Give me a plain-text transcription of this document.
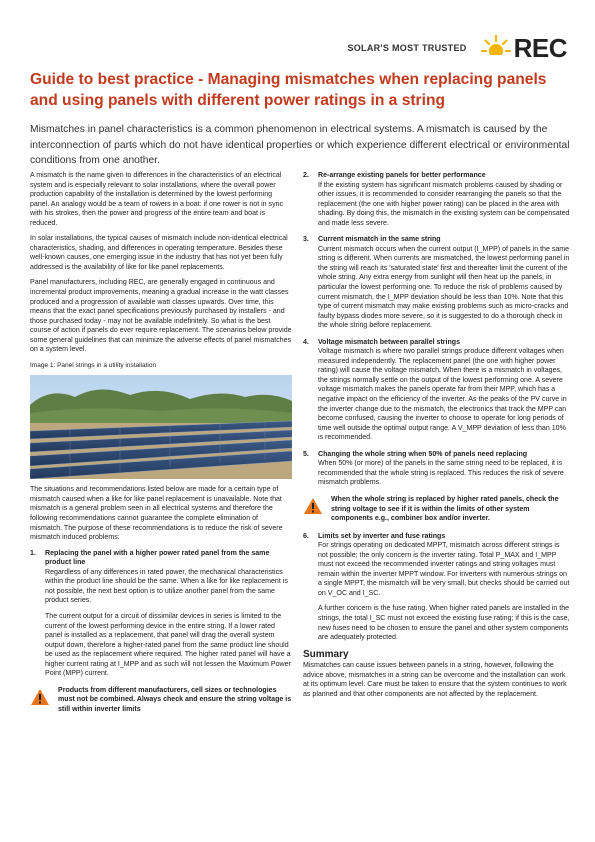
SOLAR'S MOST TRUSTED REC
Guide to best practice - Managing mismatches when replacing panels and using panels with different power ratings in a string

Mismatches in panel characteristics is a common phenomenon in electrical systems. A mismatch is caused by the interconnection of parts which do not have identical properties or which experience different electrical or environmental conditions from one another.

A mismatch is the name given to differences in the characteristics of an electrical system and is especially relevant to solar installations, where the overall power production capability of the installation is determined by the lowest performing panel. An analogy would be a team of rowers in a boat: if one rower is not in sync with his strokes, then the power and progress of the entire team and boat is reduced.

In solar installations, the typical causes of mismatch include non-identical electrical characteristics, shading, and differences in operating temperature. Besides these well-known causes, one emerging issue in the industry that has not yet been fully addressed is the availability of like for like panel replacements.

Panel manufacturers, including REC, are generally engaged in continuous and incremental product improvements, meaning a gradual increase in the watt classes produced and a progression of available watt classes upwards. Over time, this means that the exact panel specifications previously purchased by installers - and those purchased today - may not be available indefinitely. So what is the best course of action if panels do ever require replacement. The scenarios below provide some general guidelines that can minimize the adverse effects of panel mismatches on a system level.

Image 1: Panel strings in a utility installation

The situations and recommendations listed below are made for a certain type of mismatch caused when a like for like panel replacement is unavailable. Note that mismatch is a general problem seen in all electrical systems and therefore the following recommendations cannot guarantee the complete elimination of mismatch. The purpose of these recommendations is to reduce the risk of severe mismatch induced problems:

1.	Replacing the panel with a higher power rated panel from the same product line

Regardless of any differences in rated power, the mechanical characteristics within the product line should be the same. When a like for like replacement is not possible, the next best option is to utilize another panel from the same product series.

The current output for a circuit of dissimilar devices in series is limited to the current of the lowest performing device in the entire string. If a lower rated panel is installed as a replacement, that panel will drag the overall system output down, therefore a higher-rated panel from the same product line should be used as the replacement where required. The higher rated panel will have a higher current rating at I_MPP and as such will not lessen the Maximum Power Point (MPP) current.

Products from different manufacturers, cell sizes or technologies must not be combined. Always check and ensure the string voltage is still within inverter limits

2.	Re-arrange existing panels for better performance

If the existing system has significant mismatch problems caused by shading or other issues, it is recommended to consider rearranging the panels so that the replacement (the one with higher power rating) can be placed in the area with shading. By doing this, the mismatch in the existing system can be compensated and made less severe.

3.	Current mismatch in the same string

Current mismatch occurs when the current output (I_MPP) of panels in the same string is different. When currents are mismatched, the lowest performing panel in the string will reach its 'saturated state' first and thereafter limit the current of the whole string. Any extra energy from sunlight will then heat up the panels, in particular the lowest performing one. To reduce the risk of problems caused by current mismatch, the I_MPP deviation should be less than 10%. Note that this type of current mismatch may make existing problems such as micro-cracks and faulty bypass diodes more severe, so it is suggested to do a thorough check in the whole string before replacement.

4.	Voltage mismatch between parallel strings

Voltage mismatch is where two parallel strings produce different voltages when measured independently. The replacement panel (the one with higher power rating) will cause the voltage mismatch. When there is a mismatch in voltages, the strings normally settle on the output of the lowest performing one. A severe voltage mismatch makes the panels operate far from their MPP, which has a negative impact on the efficiency of the inverter. As the peaks of the PV curve in the inverter change due to the mismatch, the electronics that track the MPP can become confused, causing the inverter to choose to operate for long periods of time well outside the optimal output range. A V_MPP deviation of less than 10% is recommended.

5.	Changing the whole string when 50% of panels need replacing

When 50% (or more) of the panels in the same string need to be replaced, it is recommended that the whole string is replaced. This reduces the risk of severe mismatch problems.

When the whole string is replaced by higher rated panels, check the string voltage to see if it is within the limits of other system components e.g., combiner box and/or inverter.

6.	Limits set by inverter and fuse ratings

For strings operating on dedicated MPPT, mismatch across different strings is not possible; the only concern is the inverter rating. Total P_MAX and I_MPP must not exceed the recommended inverter ratings and string voltages must remain within the inverter MPPT window. For inverters with numerous strings on a single MPPT, the mismatch will be very small, but checks should be carried out on V_OC and I_SC.

A further concern is the fuse rating. When higher rated panels are installed in the strings, the total I_SC must not exceed the existing fuse rating; if this is the case, new fuses need to be chosen to ensure the panel and other system components are adequately protected.

Summary

Mismatches can cause issues between panels in a string, however, following the advice above, mismatches in a string can be overcome and the installation can work at its optimum level. Care must be taken to ensure that the system continues to work as planned and that other components are not affected by the replacement.
